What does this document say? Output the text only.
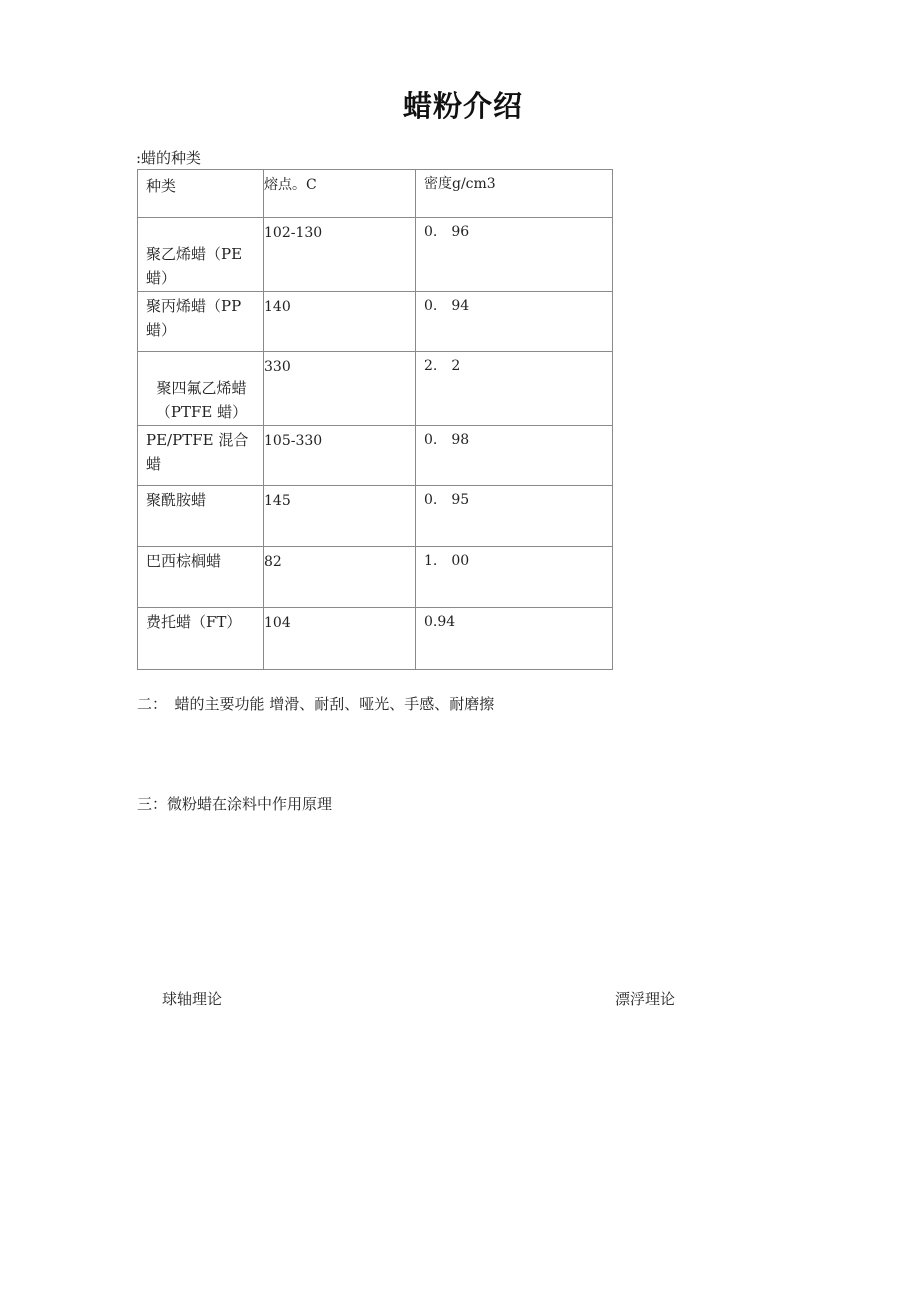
蜡粉介绍
:蜡的种类
种类	熔点。C	密度g/cm3
聚乙烯蜡（PE蜡）	102-130	0. 96
聚丙烯蜡（PP蜡）	140	0. 94
聚四氟乙烯蜡（PTFE 蜡）	330	2. 2
PE/PTFE 混合蜡	105-330	0. 98
聚酰胺蜡	145	0. 95
巴西棕榈蜡	82	1. 00
费托蜡（FT）	104	0.94
二：　蜡的主要功能 增滑、耐刮、哑光、手感、耐磨擦
三：微粉蜡在涂料中作用原理
球轴理论	漂浮理论
